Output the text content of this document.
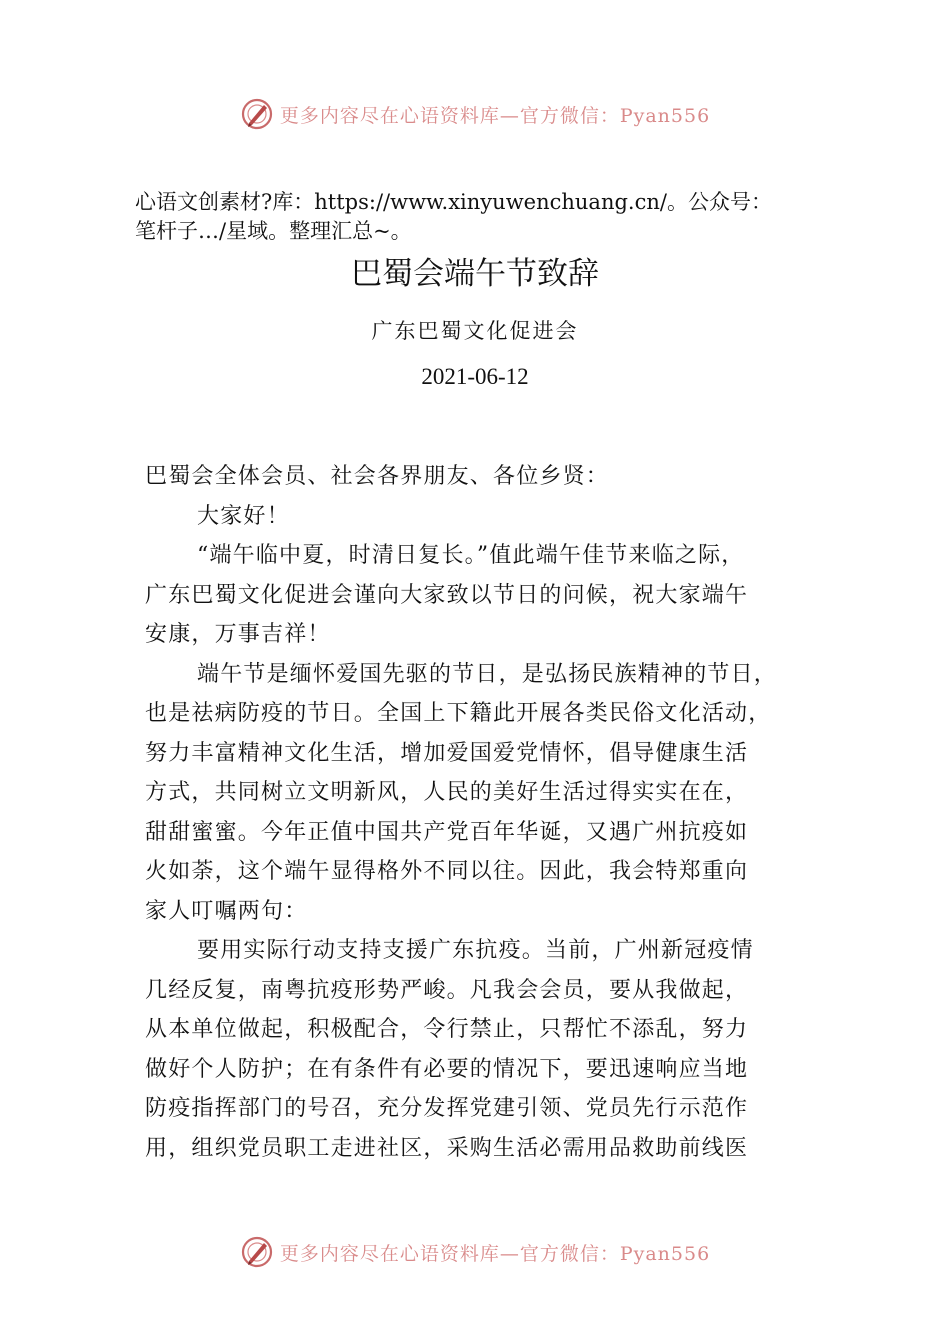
更多内容尽在心语资料库—官方微信：Pyan556
心语文创素材?库：https://www.xinyuwenchuang.cn/。公众号：
笔杆子…/星域。整理汇总~。
巴蜀会端午节致辞
广东巴蜀文化促进会
2021-06-12
巴蜀会全体会员、社会各界朋友、各位乡贤：
大家好！
“端午临中夏，时清日复长。”值此端午佳节来临之际，
广东巴蜀文化促进会谨向大家致以节日的问候，祝大家端午
安康，万事吉祥！
端午节是缅怀爱国先驱的节日，是弘扬民族精神的节日，
也是祛病防疫的节日。全国上下籍此开展各类民俗文化活动，
努力丰富精神文化生活，增加爱国爱党情怀，倡导健康生活
方式，共同树立文明新风，人民的美好生活过得实实在在，
甜甜蜜蜜。今年正值中国共产党百年华诞，又遇广州抗疫如
火如荼，这个端午显得格外不同以往。因此，我会特郑重向
家人叮嘱两句：
要用实际行动支持支援广东抗疫。当前，广州新冠疫情
几经反复，南粤抗疫形势严峻。凡我会会员，要从我做起，
从本单位做起，积极配合，令行禁止，只帮忙不添乱，努力
做好个人防护；在有条件有必要的情况下，要迅速响应当地
防疫指挥部门的号召，充分发挥党建引领、党员先行示范作
用，组织党员职工走进社区，采购生活必需用品救助前线医
更多内容尽在心语资料库—官方微信：Pyan556
